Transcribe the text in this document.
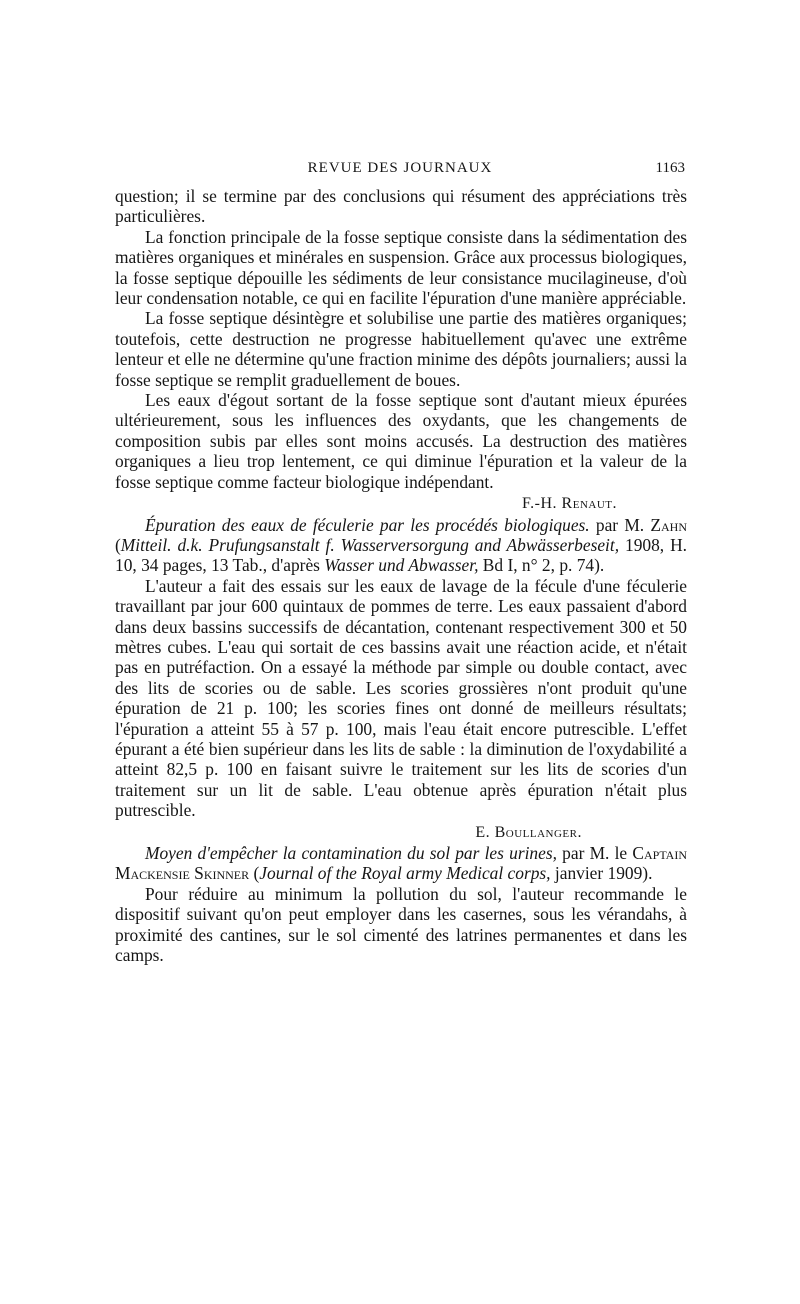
REVUE DES JOURNAUX	1163

question; il se termine par des conclusions qui résument des appréciations très particulières.

La fonction principale de la fosse septique consiste dans la sédimentation des matières organiques et minérales en suspension. Grâce aux processus biologiques, la fosse septique dépouille les sédiments de leur consistance mucilagineuse, d'où leur condensation notable, ce qui en facilite l'épuration d'une manière appréciable.

La fosse septique désintègre et solubilise une partie des matières organiques; toutefois, cette destruction ne progresse habituellement qu'avec une extrême lenteur et elle ne détermine qu'une fraction minime des dépôts journaliers; aussi la fosse septique se remplit graduellement de boues.

Les eaux d'égout sortant de la fosse septique sont d'autant mieux épurées ultérieurement, sous les influences des oxydants, que les changements de composition subis par elles sont moins accusés. La destruction des matières organiques a lieu trop lentement, ce qui diminue l'épuration et la valeur de la fosse septique comme facteur biologique indépendant.

F.-H. Renaut.

Épuration des eaux de féculerie par les procédés biologiques. par M. Zahn (Mitteil. d.k. Prufungsanstalt f. Wasserversorgung and Abwässerbeseit, 1908, H. 10, 34 pages, 13 Tab., d'après Wasser und Abwasser, Bd I, n° 2, p. 74).

L'auteur a fait des essais sur les eaux de lavage de la fécule d'une féculerie travaillant par jour 600 quintaux de pommes de terre. Les eaux passaient d'abord dans deux bassins successifs de décantation, contenant respectivement 300 et 50 mètres cubes. L'eau qui sortait de ces bassins avait une réaction acide, et n'était pas en putréfaction. On a essayé la méthode par simple ou double contact, avec des lits de scories ou de sable. Les scories grossières n'ont produit qu'une épuration de 21 p. 100; les scories fines ont donné de meilleurs résultats; l'épuration a atteint 55 à 57 p. 100, mais l'eau était encore putrescible. L'effet épurant a été bien supérieur dans les lits de sable : la diminution de l'oxydabilité a atteint 82,5 p. 100 en faisant suivre le traitement sur les lits de scories d'un traitement sur un lit de sable. L'eau obtenue après épuration n'était plus putrescible.

E. Boullanger.

Moyen d'empêcher la contamination du sol par les urines, par M. le Captain Mackensie Skinner (Journal of the Royal army Medical corps, janvier 1909).

Pour réduire au minimum la pollution du sol, l'auteur recommande le dispositif suivant qu'on peut employer dans les casernes, sous les vérandahs, à proximité des cantines, sur le sol cimenté des latrines permanentes et dans les camps.
